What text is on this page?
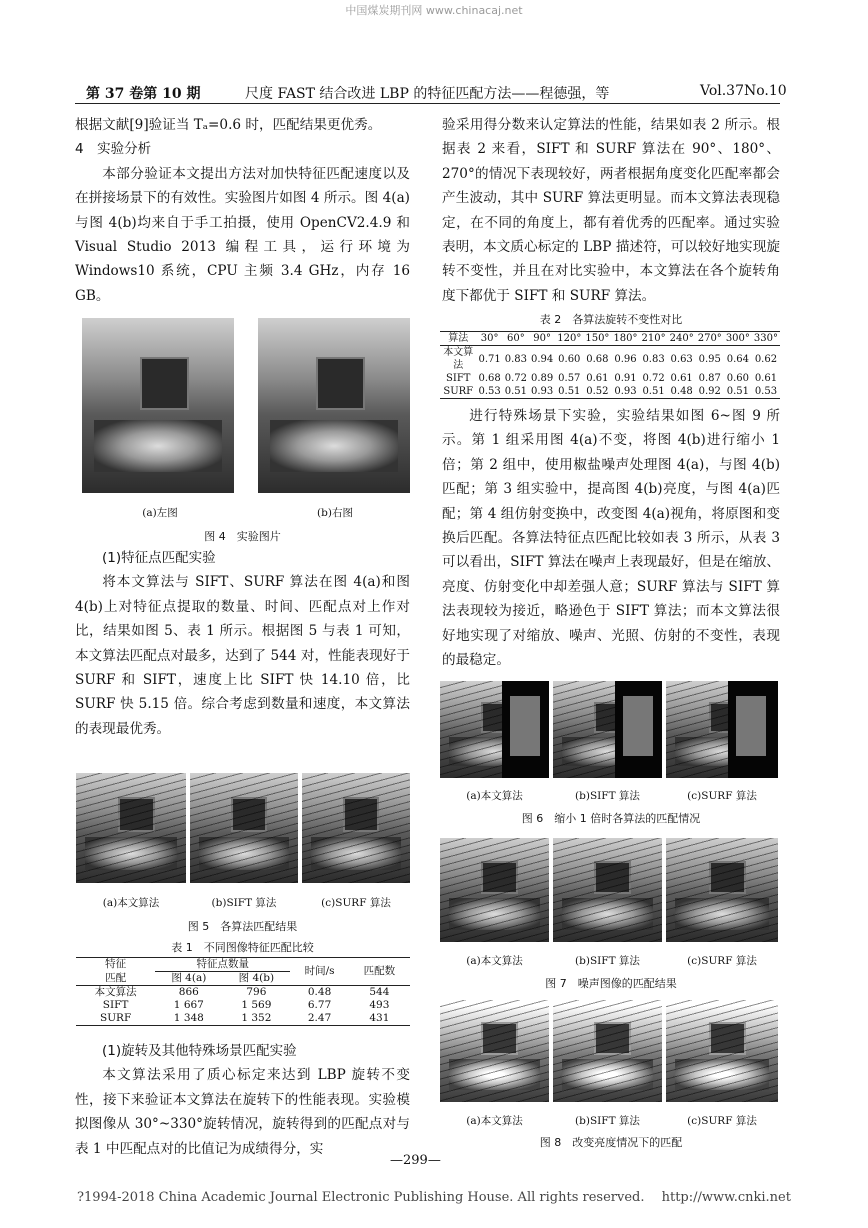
中国煤炭期刊网 www.chinacaj.net
第 37 卷第 10 期	尺度 FAST 结合改进 LBP 的特征匹配方法——程德强，等	Vol.37No.10

根据文献[9]验证当 Tₐ=0.6 时，匹配结果更优秀。

4　实验分析

本部分验证本文提出方法对加快特征匹配速度以及在拼接场景下的有效性。实验图片如图 4 所示。图 4(a)与图 4(b)均来自于手工拍摄，使用 OpenCV2.4.9 和 Visual Studio 2013 编程工具，运行环境为 Windows10 系统，CPU 主频 3.4 GHz，内存 16 GB。

(a)左图	(b)右图
图 4　实验图片

(1)特征点匹配实验

将本文算法与 SIFT、SURF 算法在图 4(a)和图 4(b)上对特征点提取的数量、时间、匹配点对上作对比，结果如图 5、表 1 所示。根据图 5 与表 1 可知，本文算法匹配点对最多，达到了 544 对，性能表现好于 SURF 和 SIFT，速度上比 SIFT 快 14.10 倍，比 SURF 快 5.15 倍。综合考虑到数量和速度，本文算法的表现最优秀。

(a)本文算法	(b)SIFT 算法	(c)SURF 算法
图 5　各算法匹配结果
表 1　不同图像特征匹配比较
特征	特征点数量		时间/s	匹配数
匹配	图 4(a)	图 4(b)		
本文算法	866	796	0.48	544
SIFT	1 667	1 569	6.77	493
SURF	1 348	1 352	2.47	431

(1)旋转及其他特殊场景匹配实验

本文算法采用了质心标定来达到 LBP 旋转不变性，接下来验证本文算法在旋转下的性能表现。实验模拟图像从 30°~330°旋转情况，旋转得到的匹配点对与表 1 中匹配点对的比值记为成绩得分，实

验采用得分数来认定算法的性能，结果如表 2 所示。根据表 2 来看，SIFT 和 SURF 算法在 90°、180°、270°的情况下表现较好，两者根据角度变化匹配率都会产生波动，其中 SURF 算法更明显。而本文算法表现稳定，在不同的角度上，都有着优秀的匹配率。通过实验表明，本文质心标定的 LBP 描述符，可以较好地实现旋转不变性，并且在对比实验中，本文算法在各个旋转角度下都优于 SIFT 和 SURF 算法。

表 2　各算法旋转不变性对比
算法	30°	60°	90°	120°	150°	180°	210°	240°	270°	300°	330°
本文算法	0.71	0.83	0.94	0.60	0.68	0.96	0.83	0.63	0.95	0.64	0.62
SIFT	0.68	0.72	0.89	0.57	0.61	0.91	0.72	0.61	0.87	0.60	0.61
SURF	0.53	0.51	0.93	0.51	0.52	0.93	0.51	0.48	0.92	0.51	0.53

进行特殊场景下实验，实验结果如图 6~图 9 所示。第 1 组采用图 4(a)不变，将图 4(b)进行缩小 1 倍；第 2 组中，使用椒盐噪声处理图 4(a)，与图 4(b)匹配；第 3 组实验中，提高图 4(b)亮度，与图 4(a)匹配；第 4 组仿射变换中，改变图 4(a)视角，将原图和变换后匹配。各算法特征点匹配比较如表 3 所示，从表 3 可以看出，SIFT 算法在噪声上表现最好，但是在缩放、亮度、仿射变化中却差强人意；SURF 算法与 SIFT 算法表现较为接近，略逊色于 SIFT 算法；而本文算法很好地实现了对缩放、噪声、光照、仿射的不变性，表现的最稳定。

(a)本文算法	(b)SIFT 算法	(c)SURF 算法
图 6　缩小 1 倍时各算法的匹配情况
(a)本文算法	(b)SIFT 算法	(c)SURF 算法
图 7　噪声图像的匹配结果
(a)本文算法	(b)SIFT 算法	(c)SURF 算法
图 8　改变亮度情况下的匹配
—299—
?1994-2018 China Academic Journal Electronic Publishing House. All rights reserved.　 http://www.cnki.net
